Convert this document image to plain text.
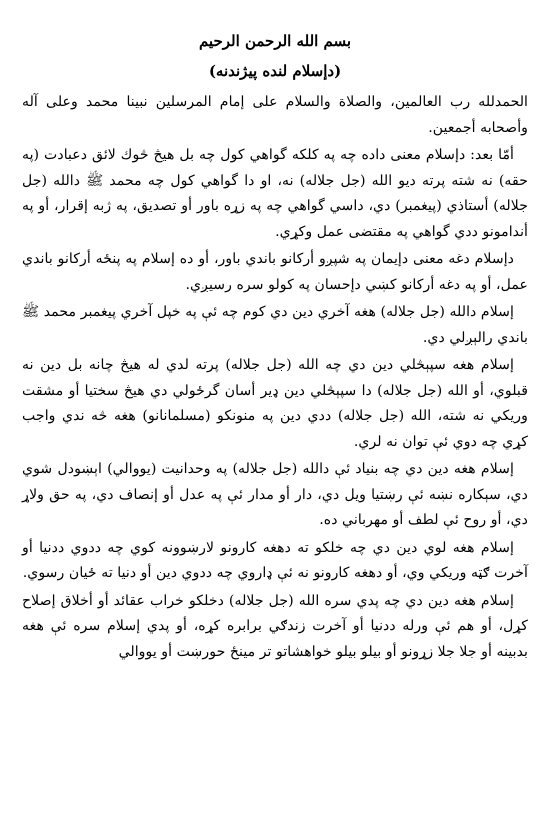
بسم الله الرحمن الرحيم
(دإسلام لنده پيژندنه)

الحمدلله رب العالمين، والصلاة والسلام على إمام المرسلين نبينا محمد وعلى آله وأصحابه أجمعين.

أمّا بعد: دإسلام معنى داده چه په كلكه گواهي كول چه بل هيڅ څوك لائق دعبادت (په حقه) نه شته پرته ديو الله (جل جلاله) نه، او دا گواهي كول چه محمد ﷺ دالله (جل جلاله) أستاذي (پيغمبر) دي، داسي گواهي چه په زړه باور أو تصديق، په ژبه إقرار، أو په أندامونو ددي گواهي په مقتضى عمل وكړي.

دإسلام دغه معنى دإيمان په شپږو أركانو باندي باور، أو ده إسلام په پنځه أركانو باندي عمل، أو په دغه أركانو كښي دإحسان په كولو سره رسيږي.

إسلام دالله (جل جلاله) هغه آخري دين دي كوم چه ئې په خپل آخري پيغمبر محمد ﷺ باندي رالېږلي دي.

إسلام هغه سپېڅلي دين دي چه الله (جل جلاله) پرته لدي له هيڅ چانه بل دين نه قبلوي، أو الله (جل جلاله) دا سپېڅلي دين ډير أسان گرځولي دي هيڅ سختيا أو مشقت وريكي نه شته، الله (جل جلاله) ددي دين په منونكو (مسلمانانو) هغه څه ندي واجب كړي چه دوي ئې توان نه لري.

إسلام هغه دين دي چه بنياد ئې دالله (جل جلاله) په وحدانيت (يووالي) اېښودل شوي دي، سېكاره نښه ئې رښتيا ويل دي، دار أو مدار ئې په عدل أو إنصاف دي، په حق ولاړ دي، أو روح ئې لطف أو مهرباني ده.

إسلام هغه لوي دين دي چه خلكو ته دهغه كارونو لارښوونه كوي چه ددوي ددنيا أو آخرت ګټه وريكي وي، أو دهغه كارونو نه ئې ډاروي چه ددوي دين أو دنيا ته ځيان رسوي.

إسلام هغه دين دي چه پدي سره الله (جل جلاله) دخلكو خراب عقائد أو أخلاق إصلاح كړل، أو هم ئې ورله ددنيا أو آخرت زندګي برابره كړه، أو پدي إسلام سره ئې هغه بدبينه أو جلا جلا زړونو أو بيلو بيلو خواهشاتو تر مينځ حورښت أو يووالي
